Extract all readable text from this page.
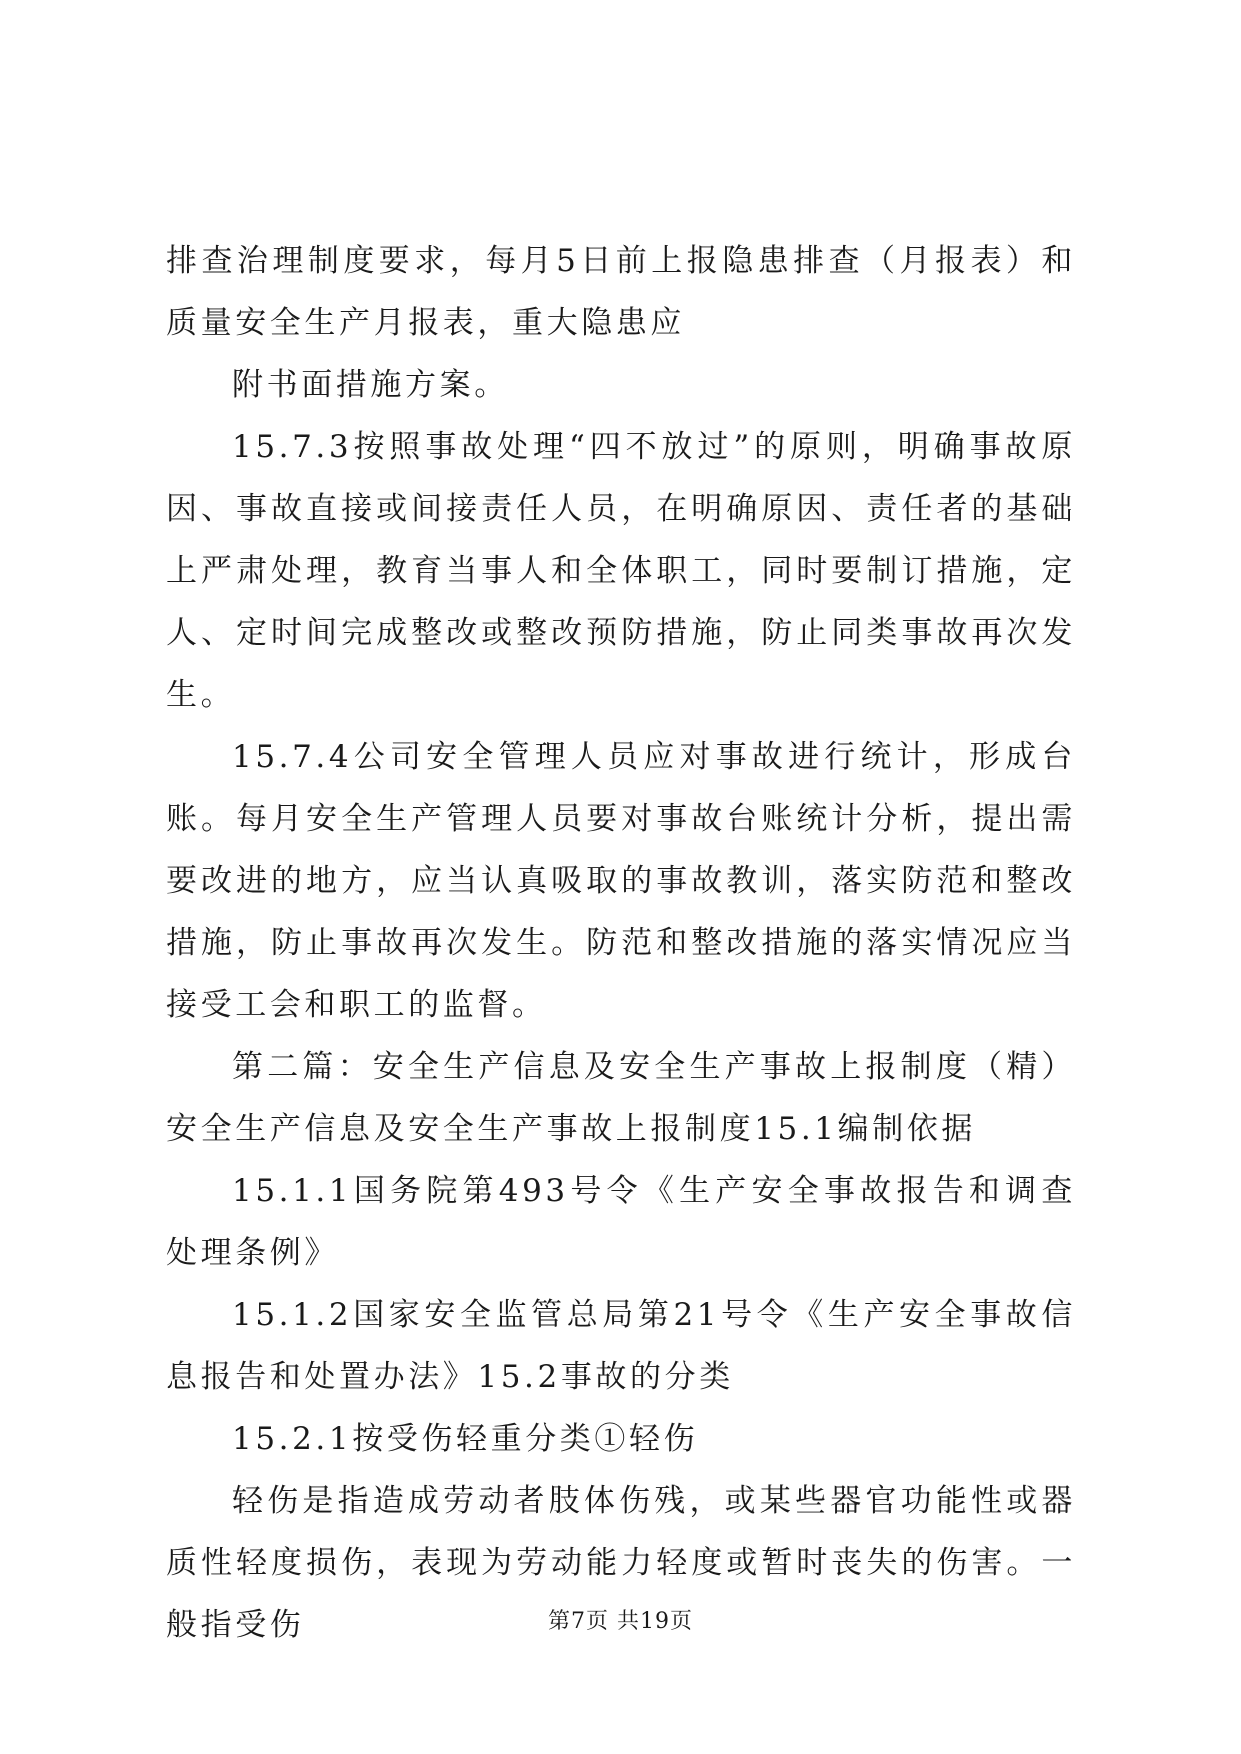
排查治理制度要求，每月5日前上报隐患排查（月报表）和质量安全生产月报表，重大隐患应

附书面措施方案。

15.7.3按照事故处理“四不放过”的原则，明确事故原因、事故直接或间接责任人员，在明确原因、责任者的基础上严肃处理，教育当事人和全体职工，同时要制订措施，定人、定时间完成整改或整改预防措施，防止同类事故再次发生。

15.7.4公司安全管理人员应对事故进行统计，形成台账。每月安全生产管理人员要对事故台账统计分析，提出需要改进的地方，应当认真吸取的事故教训，落实防范和整改措施，防止事故再次发生。防范和整改措施的落实情况应当接受工会和职工的监督。

第二篇：安全生产信息及安全生产事故上报制度（精）安全生产信息及安全生产事故上报制度15.1编制依据

15.1.1国务院第493号令《生产安全事故报告和调查处理条例》

15.1.2国家安全监管总局第21号令《生产安全事故信息报告和处置办法》15.2事故的分类

15.2.1按受伤轻重分类①轻伤

轻伤是指造成劳动者肢体伤残，或某些器官功能性或器质性轻度损伤，表现为劳动能力轻度或暂时丧失的伤害。一般指受伤	第7页 共19页
